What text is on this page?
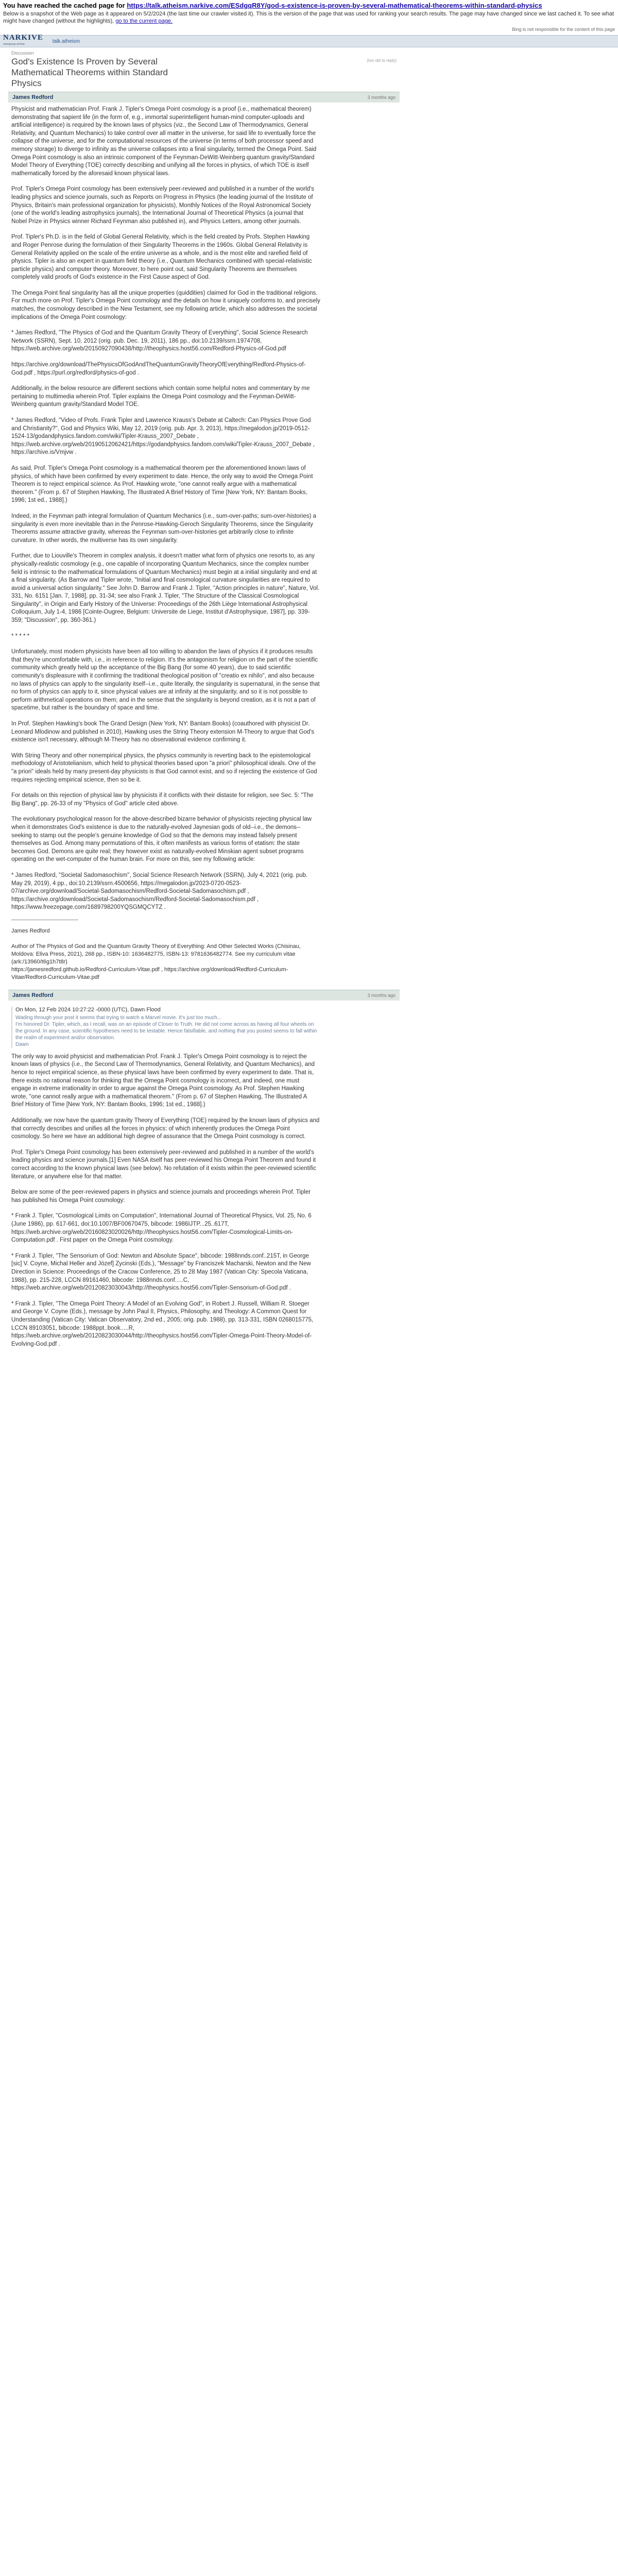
You have reached the cached page for https://talk.atheism.narkive.com/ESdgqR8Y/god-s-existence-is-proven-by-several-mathematical-theorems-within-standard-physics
Below is a snapshot of the Web page as it appeared on 5/2/2024 (the last time our crawler visited it). This is the version of the page that was used for ranking your search results. The page may have changed since we last cached it. To see what might have changed (without the highlights), go to the current page.
Bing is not responsible for the content of this page
NARKIVE
newsgroup archive
talk.atheism
Discussion
God's Existence Is Proven by Several Mathematical Theorems within Standard Physics
(too old to reply)
James Redford	3 months ago

Physicist and mathematician Prof. Frank J. Tipler's Omega Point cosmology is a proof (i.e., mathematical theorem) demonstrating that sapient life (in the form of, e.g., immortal superintelligent human-mind computer-uploads and artificial intelligence) is required by the known laws of physics (viz., the Second Law of Thermodynamics, General Relativity, and Quantum Mechanics) to take control over all matter in the universe, for said life to eventually force the collapse of the universe, and for the computational resources of the universe (in terms of both processor speed and memory storage) to diverge to infinity as the universe collapses into a final singularity, termed the Omega Point. Said Omega Point cosmology is also an intrinsic component of the Feynman-DeWitt-Weinberg quantum gravity/Standard Model Theory of Everything (TOE) correctly describing and unifying all the forces in physics, of which TOE is itself mathematically forced by the aforesaid known physical laws.

Prof. Tipler's Omega Point cosmology has been extensively peer-reviewed and published in a number of the world's leading physics and science journals, such as Reports on Progress in Physics (the leading journal of the Institute of Physics, Britain's main professional organization for physicists), Monthly Notices of the Royal Astronomical Society (one of the world's leading astrophysics journals), the International Journal of Theoretical Physics (a journal that Nobel Prize in Physics winner Richard Feynman also published in), and Physics Letters, among other journals.

Prof. Tipler's Ph.D. is in the field of Global General Relativity, which is the field created by Profs. Stephen Hawking and Roger Penrose during the formulation of their Singularity Theorems in the 1960s. Global General Relativity is General Relativity applied on the scale of the entire universe as a whole, and is the most elite and rarefied field of physics. Tipler is also an expert in quantum field theory (i.e., Quantum Mechanics combined with special-relativistic particle physics) and computer theory. Moreover, to here point out, said Singularity Theorems are themselves completely valid proofs of God's existence in the First Cause aspect of God.

The Omega Point final singularity has all the unique properties (quiddities) claimed for God in the traditional religions. For much more on Prof. Tipler's Omega Point cosmology and the details on how it uniquely conforms to, and precisely matches, the cosmology described in the New Testament, see my following article, which also addresses the societal implications of the Omega Point cosmology:

* James Redford, "The Physics of God and the Quantum Gravity Theory of Everything", Social Science Research Network (SSRN), Sept. 10, 2012 (orig. pub. Dec. 19, 2011), 186 pp., doi:10.2139/ssrn.1974708, https://web.archive.org/web/20150927090438/http://theophysics.host56.com/Redford-Physics-of-God.pdf

https://archive.org/download/ThePhysicsOfGodAndTheQuantumGravityTheoryOfEverything/Redford-Physics-of-God.pdf , https://purl.org/redford/physics-of-god .

Additionally, in the below resource are different sections which contain some helpful notes and commentary by me pertaining to multimedia wherein Prof. Tipler explains the Omega Point cosmology and the Feynman-DeWitt-Weinberg quantum gravity/Standard Model TOE.

* James Redford, "Video of Profs. Frank Tipler and Lawrence Krauss's Debate at Caltech: Can Physics Prove God and Christianity?", God and Physics Wiki, May 12, 2019 (orig. pub. Apr. 3, 2013), https://megalodon.jp/2019-0512-1524-13/godandphysics.fandom.com/wiki/Tipler-Krauss_2007_Debate , https://web.archive.org/web/20190512062421/https://godandphysics.fandom.com/wiki/Tipler-Krauss_2007_Debate , https://archive.is/Vmjvw .

As said, Prof. Tipler's Omega Point cosmology is a mathematical theorem per the aforementioned known laws of physics, of which have been confirmed by every experiment to date. Hence, the only way to avoid the Omega Point Theorem is to reject empirical science. As Prof. Hawking wrote, "one cannot really argue with a mathematical theorem." (From p. 67 of Stephen Hawking, The Illustrated A Brief History of Time [New York, NY: Bantam Books, 1996; 1st ed., 1988].)

Indeed, in the Feynman path integral formulation of Quantum Mechanics (i.e., sum-over-paths; sum-over-histories) a singularity is even more inevitable than in the Penrose-Hawking-Geroch Singularity Theorems, since the Singularity Theorems assume attractive gravity, whereas the Feynman sum-over-histories get arbitrarily close to infinite curvature. In other words, the multiverse has its own singularity.

Further, due to Liouville's Theorem in complex analysis, it doesn't matter what form of physics one resorts to, as any physically-realistic cosmology (e.g., one capable of incorporating Quantum Mechanics, since the complex number field is intrinsic to the mathematical formulations of Quantum Mechanics) must begin at a initial singularity and end at a final singularity. (As Barrow and Tipler wrote, "Initial and final cosmological curvature singularities are required to avoid a universal action singularity." See John D. Barrow and Frank J. Tipler, "Action principles in nature", Nature, Vol. 331, No. 6151 [Jan. 7, 1988], pp. 31-34; see also Frank J. Tipler, "The Structure of the Classical Cosmological Singularity", in Origin and Early History of the Universe: Proceedings of the 26th Liège International Astrophysical Colloquium, July 1-4, 1986 [Cointe-Ougree, Belgium: Universite de Liege, Institut d'Astrophysique, 1987], pp. 339-359; "Discussion", pp. 360-361.)

* * * * *

Unfortunately, most modern physicists have been all too willing to abandon the laws of physics if it produces results that they're uncomfortable with, i.e., in reference to religion. It's the antagonism for religion on the part of the scientific community which greatly held up the acceptance of the Big Bang (for some 40 years), due to said scientific community's displeasure with it confirming the traditional theological position of "creatio ex nihilo", and also because no laws of physics can apply to the singularity itself--i.e., quite literally, the singularity is supernatural, in the sense that no form of physics can apply to it, since physical values are at infinity at the singularity, and so it is not possible to perform arithmetical operations on them; and in the sense that the singularity is beyond creation, as it is not a part of spacetime, but rather is the boundary of space and time.

In Prof. Stephen Hawking's book The Grand Design (New York, NY: Bantam Books) (coauthored with physicist Dr. Leonard Mlodinow and published in 2010), Hawking uses the String Theory extension M-Theory to argue that God's existence isn't necessary, although M-Theory has no observational evidence confirming it.

With String Theory and other nonempirical physics, the physics community is reverting back to the epistemological methodology of Aristotelianism, which held to physical theories based upon "a priori" philosophical ideals. One of the "a priori" ideals held by many present-day physicists is that God cannot exist, and so if rejecting the existence of God requires rejecting empirical science, then so be it.

For details on this rejection of physical law by physicists if it conflicts with their distaste for religion, see Sec. 5: "The Big Bang", pp. 26-33 of my "Physics of God" article cited above.

The evolutionary psychological reason for the above-described bizarre behavior of physicists rejecting physical law when it demonstrates God's existence is due to the naturally-evolved Jaynesian gods of old--i.e., the demons--seeking to stamp out the people's genuine knowledge of God so that the demons may instead falsely present themselves as God. Among many permutations of this, it often manifests as various forms of etatism: the state becomes God. Demons are quite real; they however exist as naturally-evolved Minskian agent subset programs operating on the wet-computer of the human brain. For more on this, see my following article:

* James Redford, "Societal Sadomasochism", Social Science Research Network (SSRN), July 4, 2021 (orig. pub. May 29, 2019), 4 pp., doi:10.2139/ssrn.4500656, https://megalodon.jp/2023-0720-0523-07/archive.org/download/Societal-Sadomasochism/Redford-Societal-Sadomasochism.pdf , https://archive.org/download/Societal-Sadomasochism/Redford-Societal-Sadomasochism.pdf , https://www.freezepage.com/1689798200YQSGMQCYTZ .

James Redford

Author of The Physics of God and the Quantum Gravity Theory of Everything: And Other Selected Works (Chisinau, Moldova: Eliva Press, 2021), 268 pp., ISBN-10: 1636482775, ISBN-13: 9781636482774. See my curriculum vitae (ark:/13960/t6g1h7t8r)
https://jamesredford.github.io/Redford-Curriculum-Vitae.pdf , https://archive.org/download/Redford-Curriculum-Vitae/Redford-Curriculum-Vitae.pdf
James Redford	3 months ago
On Mon, 12 Feb 2024 10:27:22 -0000 (UTC), Dawn Flood
Wading through your post it seems that trying to watch a Marvel movie. It's just too much...
I'm honored Dr. Tipler, which, as I recall, was on an episode of Closer to Truth. He did not come across as having all four wheels on the ground. In any case, scientific hypotheses need to be testable. Hence falsifiable, and nothing that you posted seems to fall within the realm of experiment and/or observation.
Dawn

The only way to avoid physicist and mathematician Prof. Frank J. Tipler's Omega Point cosmology is to reject the known laws of physics (i.e., the Second Law of Thermodynamics, General Relativity, and Quantum Mechanics), and hence to reject empirical science, as these physical laws have been confirmed by every experiment to date. That is, there exists no rational reason for thinking that the Omega Point cosmology is incorrect, and indeed, one must engage in extreme irrationality in order to argue against the Omega Point cosmology. As Prof. Stephen Hawking wrote, "one cannot really argue with a mathematical theorem." (From p. 67 of Stephen Hawking, The Illustrated A Brief History of Time [New York, NY: Bantam Books, 1996; 1st ed., 1988].)

Additionally, we now have the quantum gravity Theory of Everything (TOE) required by the known laws of physics and that correctly describes and unifies all the forces in physics: of which inherently produces the Omega Point cosmology. So here we have an additional high degree of assurance that the Omega Point cosmology is correct.

Prof. Tipler's Omega Point cosmology has been extensively peer-reviewed and published in a number of the world's leading physics and science journals.[1] Even NASA itself has peer-reviewed his Omega Point Theorem and found it correct according to the known physical laws (see below). No refutation of it exists within the peer-reviewed scientific literature, or anywhere else for that matter.

Below are some of the peer-reviewed papers in physics and science journals and proceedings wherein Prof. Tipler has published his Omega Point cosmology:

* Frank J. Tipler, "Cosmological Limits on Computation", International Journal of Theoretical Physics, Vol. 25, No. 6 (June 1986), pp. 617-661, doi:10.1007/BF00670475, bibcode: 1986IJTP...25..617T, https://web.archive.org/web/20160823020026/http://theophysics.host56.com/Tipler-Cosmological-Limits-on-Computation.pdf . First paper on the Omega Point cosmology.

* Frank J. Tipler, "The Sensorium of God: Newton and Absolute Space", bibcode: 1988nnds.conf..215T, in George [sic] V. Coyne, Michal Heller and Józef] Zycinski (Eds.), "Message" by Franciszek Macharski, Newton and the New Direction in Science: Proceedings of the Cracow Conference, 25 to 28 May 1987 (Vatican City: Specola Vaticana, 1988), pp. 215-228, LCCN 89161460, bibcode: 1988nnds.conf.....C, https://web.archive.org/web/20120823030043/http://theophysics.host56.com/Tipler-Sensorium-of-God.pdf .

* Frank J. Tipler, "The Omega Point Theory: A Model of an Evolving God", in Robert J. Russell, William R. Stoeger and George V. Coyne (Eds.), message by John Paul II, Physics, Philosophy, and Theology: A Common Quest for Understanding (Vatican City: Vatican Observatory, 2nd ed., 2005; orig. pub. 1988), pp. 313-331, ISBN 0268015775, LCCN 89103051, bibcode: 1988ppt..book.....R, https://web.archive.org/web/20120823030044/http://theophysics.host56.com/Tipler-Omega-Point-Theory-Model-of-Evolving-God.pdf .
